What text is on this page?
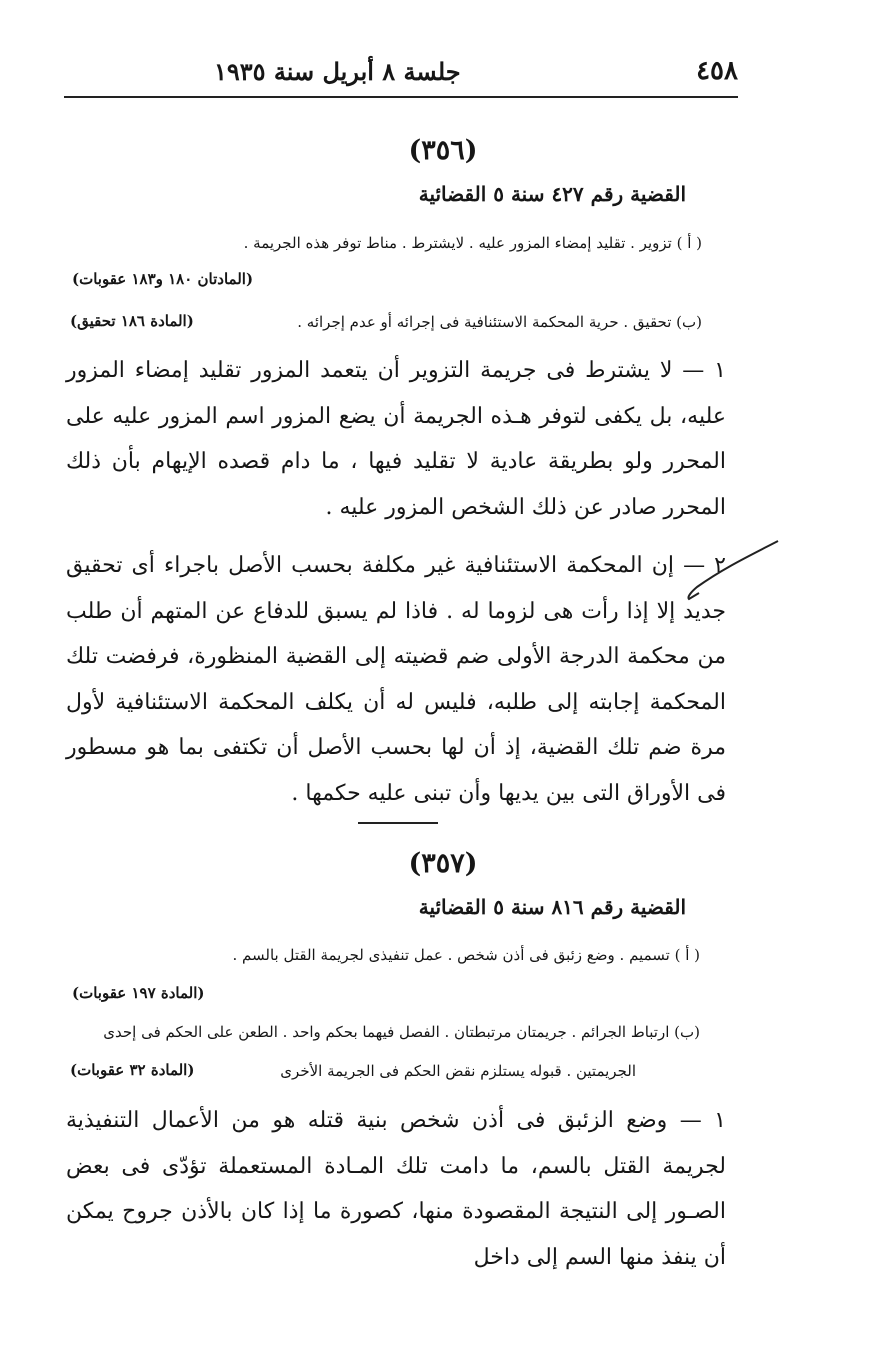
٤٥٨
جلسة ٨ أبريل سنة ١٩٣٥
(٣٥٦)
القضية رقم ٤٢٧ سنة ٥ القضائية
( أ ) تزوير . تقليد إمضاء المزور عليه . لايشترط . مناط توفر هذه الجريمة .
(المادتان ١٨٠ و١٨٣ عقوبات)
(ب) تحقيق . حرية المحكمة الاستئنافية فى إجرائه أو عدم إجرائه .
(المادة ١٨٦ تحقيق)
١ — لا يشترط فى جريمة التزوير أن يتعمد المزور تقليد إمضاء المزور عليه، بل يكفى لتوفر هـذه الجريمة أن يضع المزور اسم المزور عليه على المحرر ولو بطريقة عادية لا تقليد فيها ، ما دام قصده الإيهام بأن ذلك المحرر صادر عن ذلك الشخص المزور عليه .
٢ — إن المحكمة الاستئنافية غير مكلفة بحسب الأصل باجراء أى تحقيق جديد إلا إذا رأت هى لزوما له . فاذا لم يسبق للدفاع عن المتهم أن طلب من محكمة الدرجة الأولى ضم قضيته إلى القضية المنظورة، فرفضت تلك المحكمة إجابته إلى طلبه، فليس له أن يكلف المحكمة الاستئنافية لأول مرة ضم تلك القضية، إذ أن لها بحسب الأصل أن تكتفى بما هو مسطور فى الأوراق التى بين يديها وأن تبنى عليه حكمها .
(٣٥٧)
القضية رقم ٨١٦ سنة ٥ القضائية
( أ ) تسميم . وضع زئبق فى أذن شخص . عمل تنفيذى لجريمة القتل بالسم .
(المادة ١٩٧ عقوبات)
(ب) ارتباط الجرائم . جريمتان مرتبطتان . الفصل فيهما بحكم واحد . الطعن على الحكم فى إحدى
الجريمتين . قبوله يستلزم نقض الحكم فى الجريمة الأخرى
(المادة ٣٢ عقوبات)
١ — وضع الزئبق فى أذن شخص بنية قتله هو من الأعمال التنفيذية لجريمة القتل بالسم، ما دامت تلك المـادة المستعملة تؤدّى فى بعض الصـور إلى النتيجة المقصودة منها، كصورة ما إذا كان بالأذن جروح يمكن أن ينفذ منها السم إلى داخل
